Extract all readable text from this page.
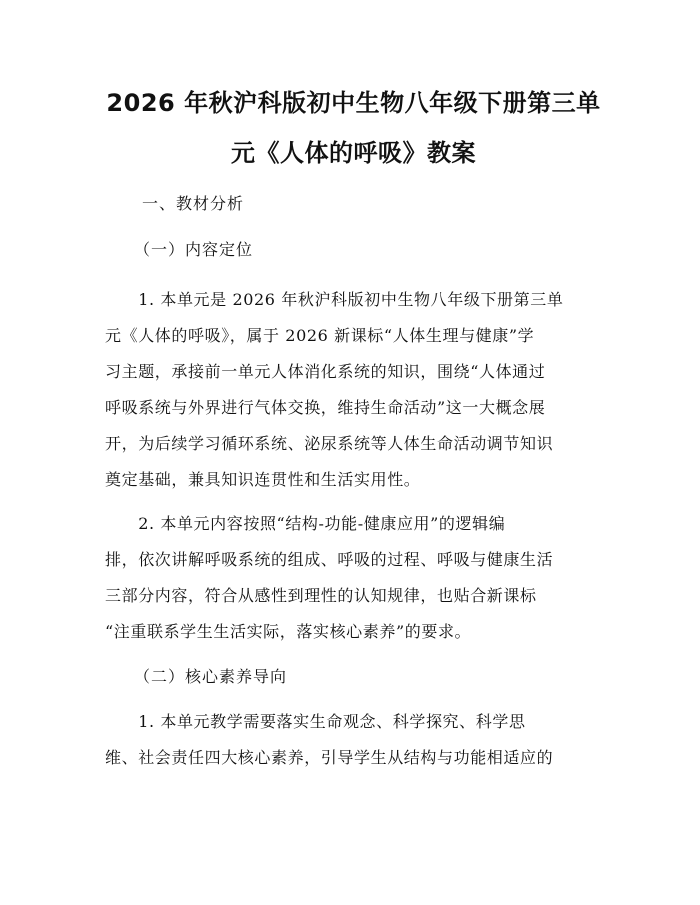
2026 年秋沪科版初中生物八年级下册第三单
元《人体的呼吸》教案

一、教材分析

（一）内容定位

　　1. 本单元是 2026 年秋沪科版初中生物八年级下册第三单
元《人体的呼吸》，属于 2026 新课标“人体生理与健康”学
习主题，承接前一单元人体消化系统的知识，围绕“人体通过
呼吸系统与外界进行气体交换，维持生命活动”这一大概念展
开，为后续学习循环系统、泌尿系统等人体生命活动调节知识
奠定基础，兼具知识连贯性和生活实用性。

　　2. 本单元内容按照“结构-功能-健康应用”的逻辑编
排，依次讲解呼吸系统的组成、呼吸的过程、呼吸与健康生活
三部分内容，符合从感性到理性的认知规律，也贴合新课标
“注重联系学生生活实际，落实核心素养”的要求。

（二）核心素养导向

　　1. 本单元教学需要落实生命观念、科学探究、科学思
维、社会责任四大核心素养，引导学生从结构与功能相适应的
